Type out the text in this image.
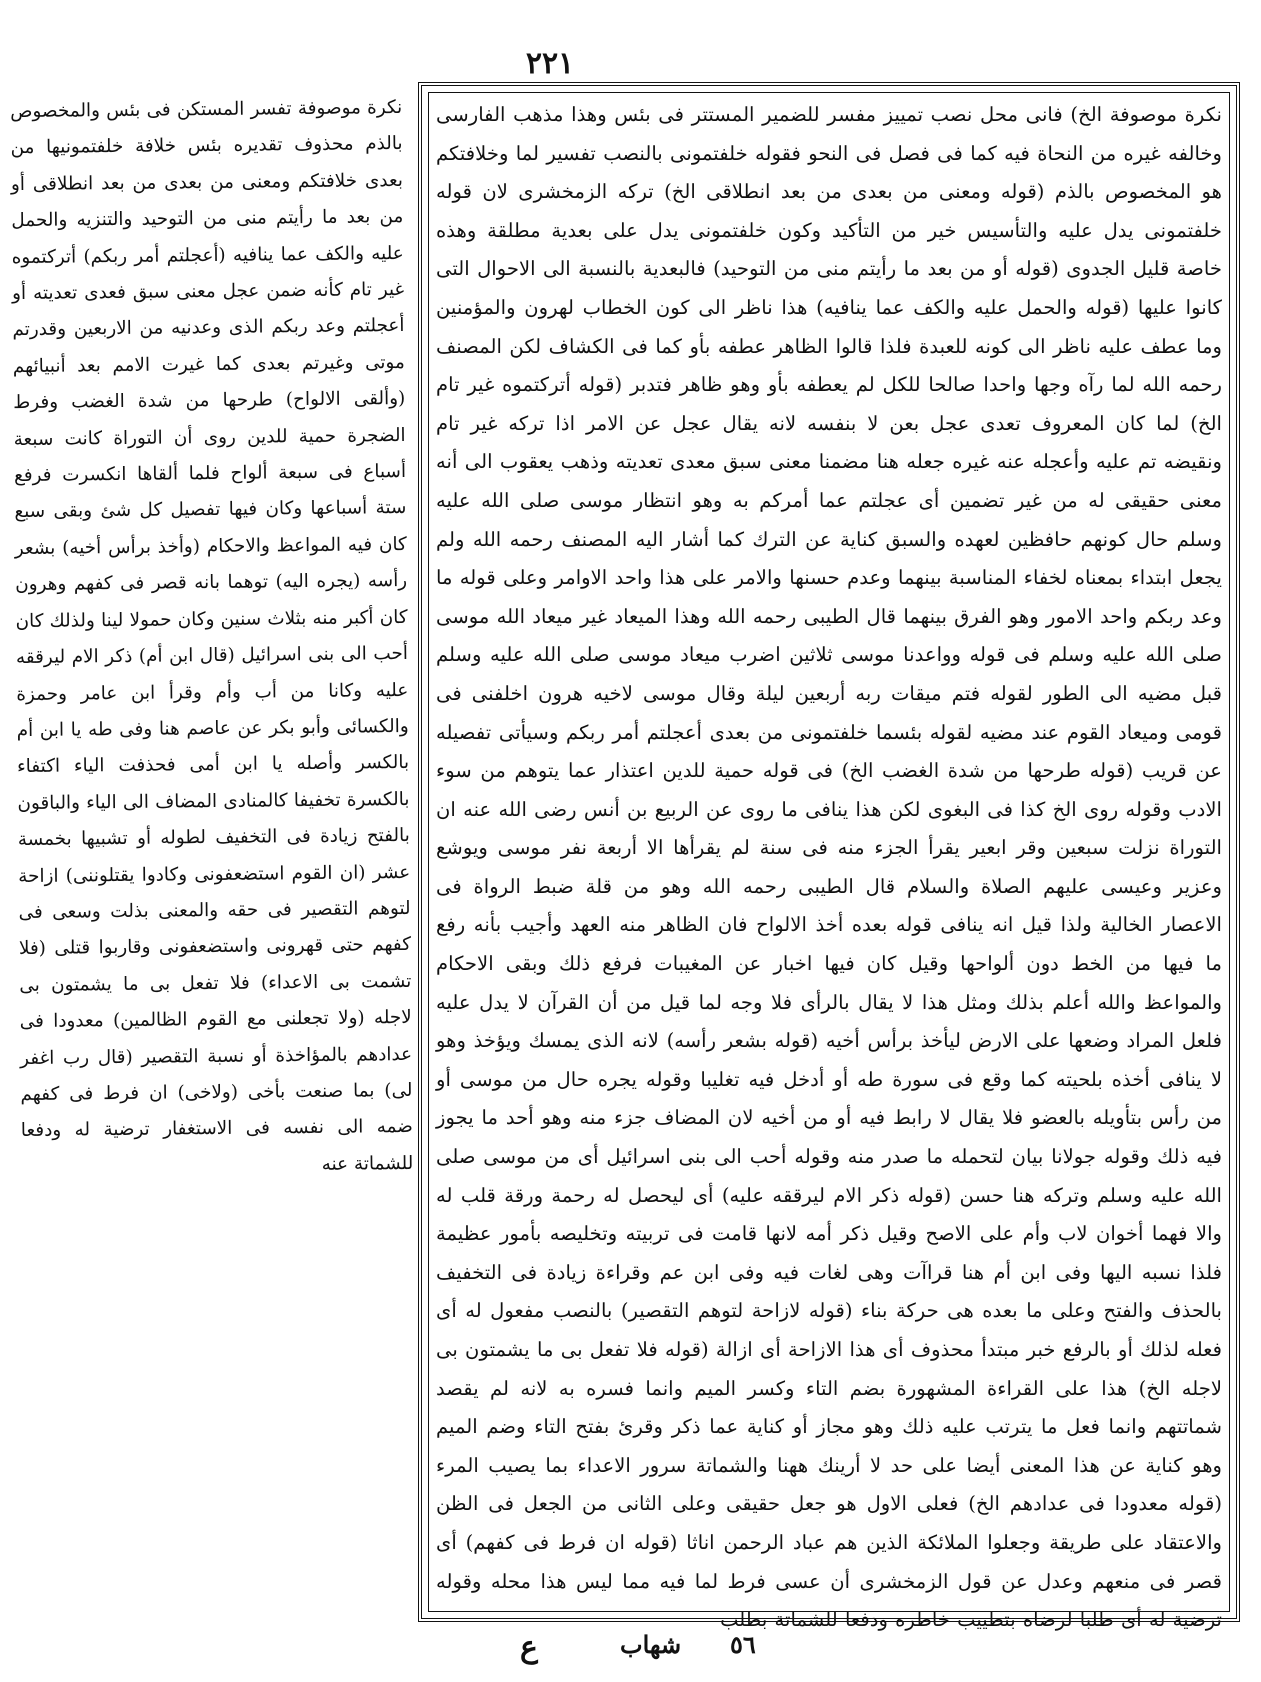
٢٢١

نكرة موصوفة تفسر المستكن فى بئس والمخصوص بالذم محذوف تقديره بئس خلافة خلفتمونيها من بعدى خلافتكم ومعنى من بعدى من بعد انطلاقى أو من بعد ما رأيتم منى من التوحيد والتنزيه والحمل عليه والكف عما ينافيه (أعجلتم أمر ربكم) أتركتموه غير تام كأنه ضمن عجل معنى سبق فعدى تعديته أو أعجلتم وعد ربكم الذى وعدنيه من الاربعين وقدرتم موتى وغيرتم بعدى كما غيرت الامم بعد أنبيائهم (وألقى الالواح) طرحها من شدة الغضب وفرط الضجرة حمية للدين روى أن التوراة كانت سبعة أسباع فى سبعة ألواح فلما ألقاها انكسرت فرفع ستة أسباعها وكان فيها تفصيل كل شئ وبقى سبع كان فيه المواعظ والاحكام (وأخذ برأس أخيه) بشعر رأسه (يجره اليه) توهما بانه قصر فى كفهم وهرون كان أكبر منه بثلاث سنين وكان حمولا لينا ولذلك كان أحب الى بنى اسرائيل (قال ابن أم) ذكر الام ليرققه عليه وكانا من أب وأم وقرأ ابن عامر وحمزة والكسائى وأبو بكر عن عاصم هنا وفى طه يا ابن أم بالكسر وأصله يا ابن أمى فحذفت الياء اكتفاء بالكسرة تخفيفا كالمنادى المضاف الى الياء والباقون بالفتح زيادة فى التخفيف لطوله أو تشبيها بخمسة عشر (ان القوم استضعفونى وكادوا يقتلوننى) ازاحة لتوهم التقصير فى حقه والمعنى بذلت وسعى فى كفهم حتى قهرونى واستضعفونى وقاربوا قتلى (فلا تشمت بى الاعداء) فلا تفعل بى ما يشمتون بى لاجله (ولا تجعلنى مع القوم الظالمين) معدودا فى عدادهم بالمؤاخذة أو نسبة التقصير (قال رب اغفر لى) بما صنعت بأخى (ولاخى) ان فرط فى كفهم ضمه الى نفسه فى الاستغفار ترضية له ودفعا للشماتة عنه

نكرة موصوفة الخ) فانى محل نصب تمييز مفسر للضمير المستتر فى بئس وهذا مذهب الفارسى وخالفه غيره من النحاة فيه كما فى فصل فى النحو فقوله خلفتمونى بالنصب تفسير لما وخلافتكم هو المخصوص بالذم (قوله ومعنى من بعدى من بعد انطلاقى الخ) تركه الزمخشرى لان قوله خلفتمونى يدل عليه والتأسيس خير من التأكيد وكون خلفتمونى يدل على بعدية مطلقة وهذه خاصة قليل الجدوى (قوله أو من بعد ما رأيتم منى من التوحيد) فالبعدية بالنسبة الى الاحوال التى كانوا عليها (قوله والحمل عليه والكف عما ينافيه) هذا ناظر الى كون الخطاب لهرون والمؤمنين وما عطف عليه ناظر الى كونه للعبدة فلذا قالوا الظاهر عطفه بأو كما فى الكشاف لكن المصنف رحمه الله لما رآه وجها واحدا صالحا للكل لم يعطفه بأو وهو ظاهر فتدبر (قوله أتركتموه غير تام الخ) لما كان المعروف تعدى عجل بعن لا بنفسه لانه يقال عجل عن الامر اذا تركه غير تام ونقيضه تم عليه وأعجله عنه غيره جعله هنا مضمنا معنى سبق معدى تعديته وذهب يعقوب الى أنه معنى حقيقى له من غير تضمين أى عجلتم عما أمركم به وهو انتظار موسى صلى الله عليه وسلم حال كونهم حافظين لعهده والسبق كناية عن الترك كما أشار اليه المصنف رحمه الله ولم يجعل ابتداء بمعناه لخفاء المناسبة بينهما وعدم حسنها والامر على هذا واحد الاوامر وعلى قوله ما وعد ربكم واحد الامور وهو الفرق بينهما قال الطيبى رحمه الله وهذا الميعاد غير ميعاد الله موسى صلى الله عليه وسلم فى قوله وواعدنا موسى ثلاثين اضرب ميعاد موسى صلى الله عليه وسلم قبل مضيه الى الطور لقوله فتم ميقات ربه أربعين ليلة وقال موسى لاخيه هرون اخلفنى فى قومى وميعاد القوم عند مضيه لقوله بئسما خلفتمونى من بعدى أعجلتم أمر ربكم وسيأتى تفصيله عن قريب (قوله طرحها من شدة الغضب الخ) فى قوله حمية للدين اعتذار عما يتوهم من سوء الادب وقوله روى الخ كذا فى البغوى لكن هذا ينافى ما روى عن الربيع بن أنس رضى الله عنه ان التوراة نزلت سبعين وقر ابعير يقرأ الجزء منه فى سنة لم يقرأها الا أربعة نفر موسى ويوشع وعزير وعيسى عليهم الصلاة والسلام قال الطيبى رحمه الله وهو من قلة ضبط الرواة فى الاعصار الخالية ولذا قيل انه ينافى قوله بعده أخذ الالواح فان الظاهر منه العهد وأجيب بأنه رفع ما فيها من الخط دون ألواحها وقيل كان فيها اخبار عن المغيبات فرفع ذلك وبقى الاحكام والمواعظ والله أعلم بذلك ومثل هذا لا يقال بالرأى فلا وجه لما قيل من أن القرآن لا يدل عليه فلعل المراد وضعها على الارض ليأخذ برأس أخيه (قوله بشعر رأسه) لانه الذى يمسك ويؤخذ وهو لا ينافى أخذه بلحيته كما وقع فى سورة طه أو أدخل فيه تغليبا وقوله يجره حال من موسى أو من رأس بتأويله بالعضو فلا يقال لا رابط فيه أو من أخيه لان المضاف جزء منه وهو أحد ما يجوز فيه ذلك وقوله جولانا بيان لتحمله ما صدر منه وقوله أحب الى بنى اسرائيل أى من موسى صلى الله عليه وسلم وتركه هنا حسن (قوله ذكر الام ليرققه عليه) أى ليحصل له رحمة ورقة قلب له والا فهما أخوان لاب وأم على الاصح وقيل ذكر أمه لانها قامت فى تربيته وتخليصه بأمور عظيمة فلذا نسبه اليها وفى ابن أم هنا قراآت وهى لغات فيه وفى ابن عم وقراءة زيادة فى التخفيف بالحذف والفتح وعلى ما بعده هى حركة بناء (قوله لازاحة لتوهم التقصير) بالنصب مفعول له أى فعله لذلك أو بالرفع خبر مبتدأ محذوف أى هذا الازاحة أى ازالة (قوله فلا تفعل بى ما يشمتون بى لاجله الخ) هذا على القراءة المشهورة بضم التاء وكسر الميم وانما فسره به لانه لم يقصد شماتتهم وانما فعل ما يترتب عليه ذلك وهو مجاز أو كناية عما ذكر وقرئ بفتح التاء وضم الميم وهو كناية عن هذا المعنى أيضا على حد لا أرينك ههنا والشماتة سرور الاعداء بما يصيب المرء (قوله معدودا فى عدادهم الخ) فعلى الاول هو جعل حقيقى وعلى الثانى من الجعل فى الظن والاعتقاد على طريقة وجعلوا الملائكة الذين هم عباد الرحمن اناثا (قوله ان فرط فى كفهم) أى قصر فى منعهم وعدل عن قول الزمخشرى أن عسى فرط لما فيه مما ليس هذا محله وقوله ترضية له أى طلبا لرضاه بتطييب خاطره ودفعا للشماتة بطلب

٥٦
شهاب
ع
